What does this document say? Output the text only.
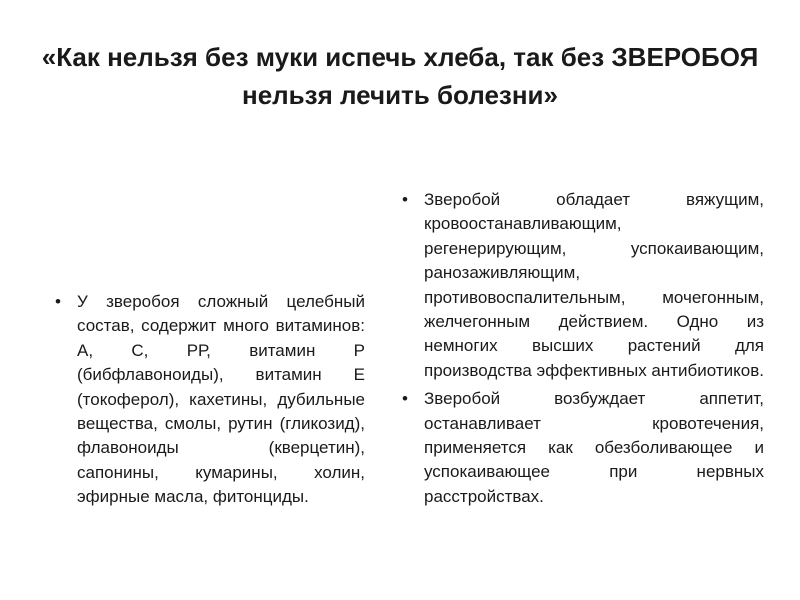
«Как нельзя без муки испечь хлеба, так без ЗВЕРОБОЯ нельзя лечить болезни»
• У зверобоя сложный целебный состав, содержит много витаминов: А, С, РР, витамин Р (бибфлавоноиды), витамин Е (токоферол), кахетины, дубильные вещества, смолы, рутин (гликозид), флавоноиды (кверцетин), сапонины, кумарины, холин, эфирные масла, фитонциды.
• Зверобой обладает вяжущим, кровоостанавливающим, регенерирующим, успокаивающим, ранозаживляющим, противовоспалительным, мочегонным, желчегонным действием. Одно из немногих высших растений для производства эффективных антибиотиков.
• Зверобой возбуждает аппетит, останавливает кровотечения, применяется как обезболивающее и успокаивающее при нервных расстройствах.
